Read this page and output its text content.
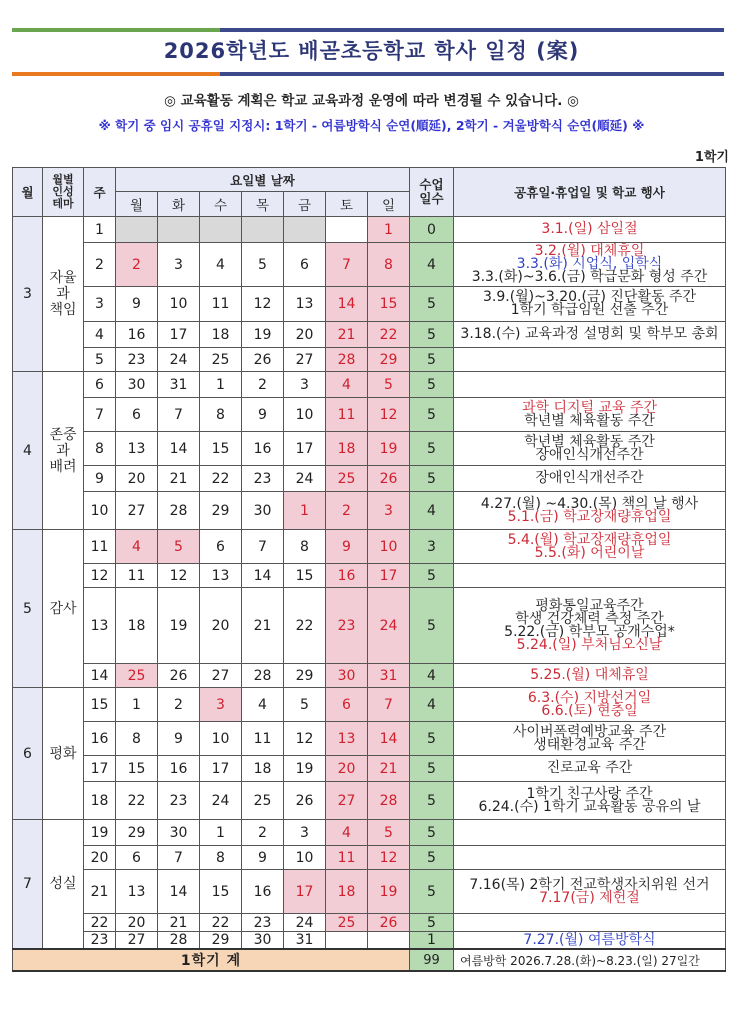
2026학년도 배곧초등학교 학사 일정 (案)
◎ 교육활동 계획은 학교 교육과정 운영에 따라 변경될 수 있습니다. ◎
※ 학기 중 임시 공휴일 지정시: 1학기 - 여름방학식 순연(順延), 2학기 - 겨울방학식 순연(順延) ※
1학기
월	월별
인성
테마	주	요일별 날짜							수업
일수	공휴일·휴업일 및 학교 행사
			월	화	수	목	금	토	일		
3	자율
과
책임	1							1	0	3.1.(일) 삼일절

		2	2	3	4	5	6	7	8	4	3.2.(월) 대체휴일
3.3.(화) 시업식, 입학식
3.3.(화)~3.6.(금) 학급문화 형성 주간

		3	9	10	11	12	13	14	15	5	3.9.(월)~3.20.(금) 진단활동 주간
1학기 학급임원 선출 주간

		4	16	17	18	19	20	21	22	5	3.18.(수) 교육과정 설명회 및 학부모 총회

		5	23	24	25	26	27	28	29	5	
4	존중
과
배려	6	30	31	1	2	3	4	5	5	
		7	6	7	8	9	10	11	12	5	과학 디지털 교육 주간
학년별 체육활동 주간

		8	13	14	15	16	17	18	19	5	학년별 체육활동 주간
장애인식개선주간

		9	20	21	22	23	24	25	26	5	장애인식개선주간

		10	27	28	29	30	1	2	3	4	4.27.(월) ~4.30.(목) 책의 날 행사
5.1.(금) 학교장재량휴업일

5	감사	11	4	5	6	7	8	9	10	3	5.4.(월) 학교장재량휴업일
5.5.(화) 어린이날

		12	11	12	13	14	15	16	17	5	
		13	18	19	20	21	22	23	24	5	평화통일교육주간
학생 건강체력 측정 주간
5.22.(금) 학부모 공개수업*
5.24.(일) 부처님오신날

		14	25	26	27	28	29	30	31	4	5.25.(월) 대체휴일

6	평화	15	1	2	3	4	5	6	7	4	6.3.(수) 지방선거일
6.6.(토) 현충일

		16	8	9	10	11	12	13	14	5	사이버폭력예방교육 주간
생태환경교육 주간

		17	15	16	17	18	19	20	21	5	진로교육 주간

		18	22	23	24	25	26	27	28	5	1학기 친구사랑 주간
6.24.(수) 1학기 교육활동 공유의 날

7	성실	19	29	30	1	2	3	4	5	5	
		20	6	7	8	9	10	11	12	5	
		21	13	14	15	16	17	18	19	5	7.16(목) 2학기 전교학생자치위원 선거
7.17(금) 제헌절

		22	20	21	22	23	24	25	26	5	
		23	27	28	29	30	31			1	7.27.(월) 여름방학식

1학기 계										99	여름방학 2026.7.28.(화)~8.23.(일) 27일간
